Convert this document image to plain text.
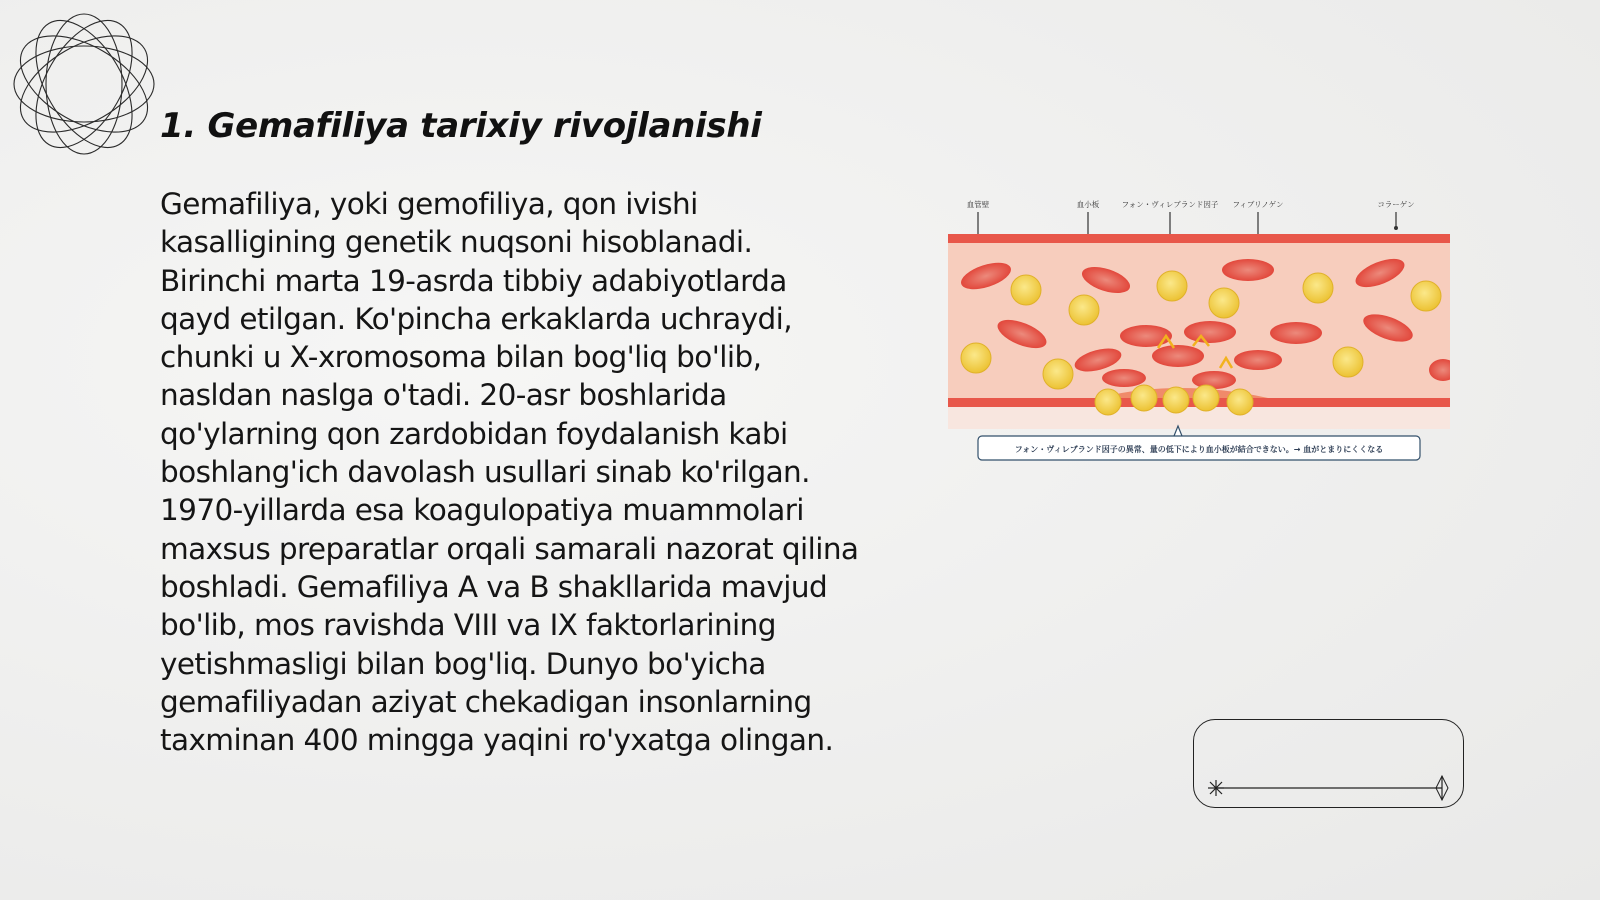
1. Gemafiliya tarixiy rivojlanishi

Gemafiliya, yoki gemofiliya, qon ivishi kasalligining genetik nuqsoni hisoblanadi. Birinchi marta 19-asrda tibbiy adabiyotlarda qayd etilgan. Ko'pincha erkaklarda uchraydi, chunki u X-xromosoma bilan bog'liq bo'lib, nasldan naslga o'tadi. 20-asr boshlarida qo'ylarning qon zardobidan foydalanish kabi boshlang'ich davolash usullari sinab ko'rilgan. 1970-yillarda esa koagulopatiya muammolari maxsus preparatlar orqali samarali nazorat qilina boshladi. Gemafiliya A va B shakllarida mavjud bo'lib, mos ravishda VIII va IX faktorlarining yetishmasligi bilan bog'liq. Dunyo bo'yicha gemafiliyadan aziyat chekadigan insonlarning taxminan 400 mingga yaqini ro'yxatga olingan.

血管壁	血小板	フォン・ヴィレブランド因子 フィブリノゲン	コラーゲン
フォン・ヴィレブランド因子の異常、量の低下により血小板が結合できない。→ 血がとまりにくくなる
